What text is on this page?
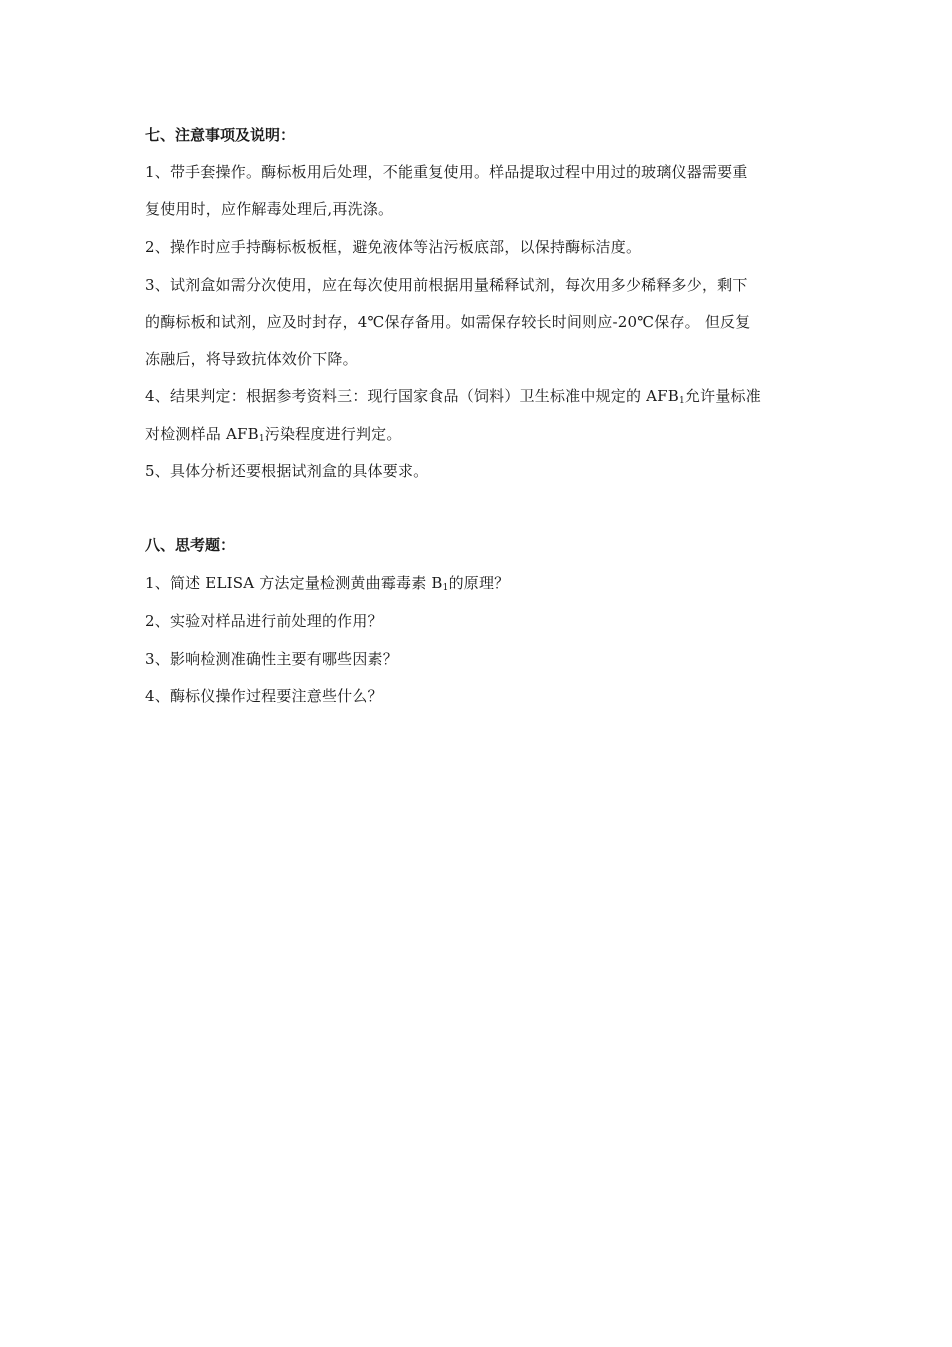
七、注意事项及说明：
1、带手套操作。酶标板用后处理，不能重复使用。样品提取过程中用过的玻璃仪器需要重
复使用时，应作解毒处理后,再洗涤。
2、操作时应手持酶标板板框，避免液体等沾污板底部，以保持酶标洁度。
3、试剂盒如需分次使用，应在每次使用前根据用量稀释试剂，每次用多少稀释多少，剩下
的酶标板和试剂，应及时封存，4℃保存备用。如需保存较长时间则应-20℃保存。 但反复
冻融后，将导致抗体效价下降。
4、结果判定：根据参考资料三：现行国家食品（饲料）卫生标准中规定的 $AFB_1$允许量标准
对检测样品 $AFB_1$污染程度进行判定。
5、具体分析还要根据试剂盒的具体要求。
八、思考题：
1、简述 ELISA 方法定量检测黄曲霉毒素 $B_1$的原理？
2、实验对样品进行前处理的作用？
3、影响检测准确性主要有哪些因素？
4、酶标仪操作过程要注意些什么？
